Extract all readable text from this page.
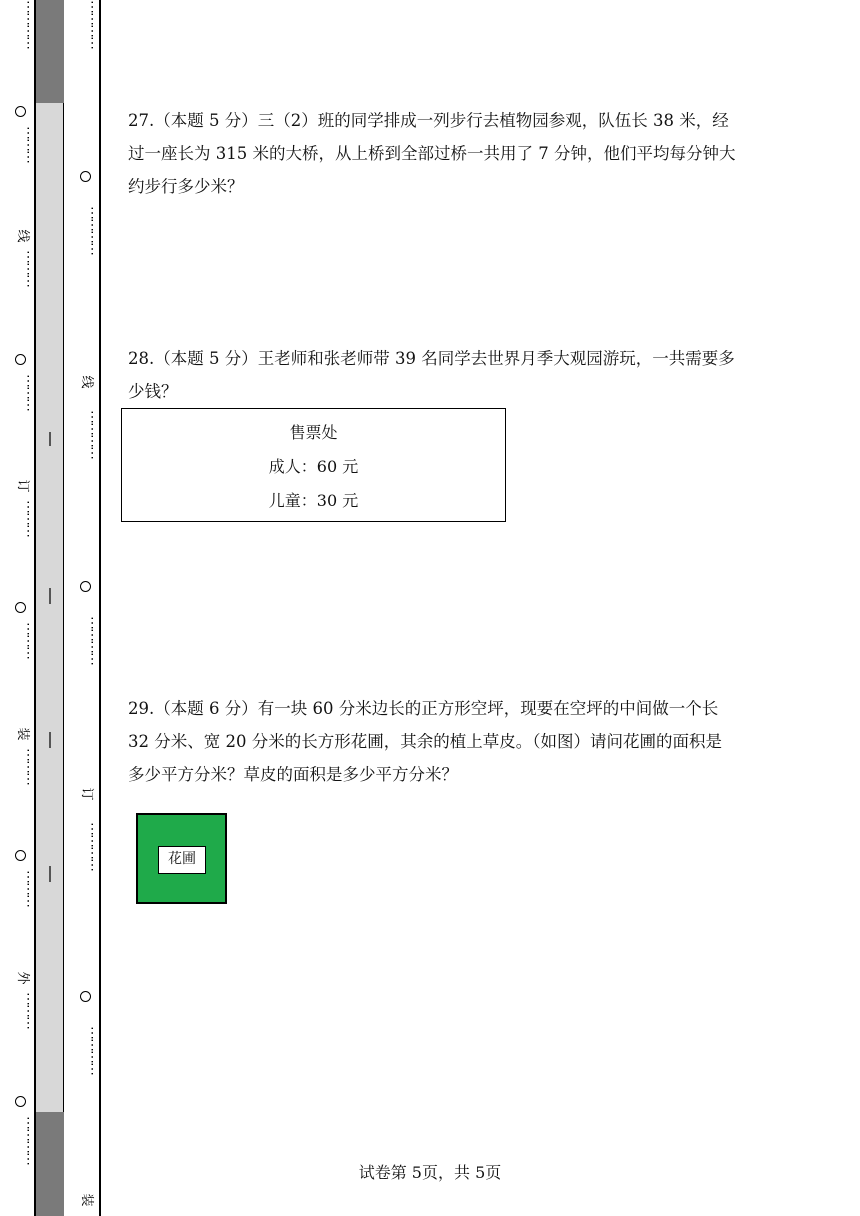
⋯⋯⋯⋯
⋯⋯⋯
线
⋯⋯⋯
⋯⋯⋯
订
⋯⋯⋯
⋯⋯⋯
装
⋯⋯⋯
⋯⋯⋯
外
⋯⋯⋯
⋯⋯⋯⋯
⋯⋯⋯⋯
⋯⋯⋯⋯
线
⋯⋯⋯⋯
⋯⋯⋯⋯
订
⋯⋯⋯⋯
⋯⋯⋯⋯
装
27.（本题 5 分）三（2）班的同学排成一列步行去植物园参观，队伍长 38 米，经过一座长为 315 米的大桥，从上桥到全部过桥一共用了 7 分钟，他们平均每分钟大约步行多少米？
28.（本题 5 分）王老师和张老师带 39 名同学去世界月季大观园游玩，一共需要多少钱？
售票处
成人：60 元
儿童：30 元
29.（本题 6 分）有一块 60 分米边长的正方形空坪，现要在空坪的中间做一个长 32 分米、宽 20 分米的长方形花圃，其余的植上草皮。（如图）请问花圃的面积是多少平方分米？草皮的面积是多少平方分米？
花圃
试卷第 5页，共 5页
